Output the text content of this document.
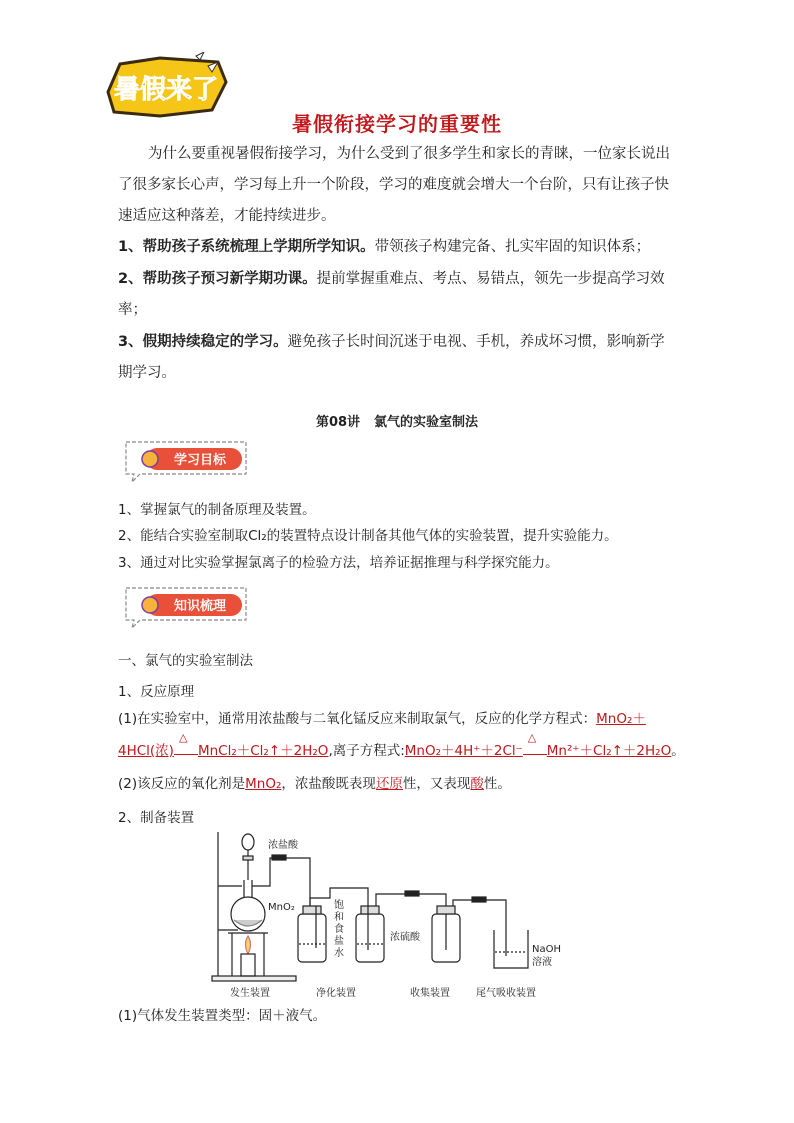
暑假来了
暑假衔接学习的重要性
为什么要重视暑假衔接学习，为什么受到了很多学生和家长的青睐，一位家长说出了很多家长心声，学习每上升一个阶段，学习的难度就会增大一个台阶，只有让孩子快速适应这种落差，才能持续进步。
1、帮助孩子系统梳理上学期所学知识。带领孩子构建完备、扎实牢固的知识体系；
2、帮助孩子预习新学期功课。提前掌握重难点、考点、易错点，领先一步提高学习效率；
3、假期持续稳定的学习。避免孩子长时间沉迷于电视、手机，养成坏习惯，影响新学期学习。
第08讲 氯气的实验室制法
学习目标
1、掌握氯气的制备原理及装置。
2、能结合实验室制取Cl₂的装置特点设计制备其他气体的实验装置，提升实验能力。
3、通过对比实验掌握氯离子的检验方法，培养证据推理与科学探究能力。
知识梳理
一、氯气的实验室制法
1、反应原理
(1)在实验室中，通常用浓盐酸与二氧化锰反应来制取氯气，反应的化学方程式：MnO₂＋
4HCl(浓)
△
MnCl₂＋Cl₂↑＋2H₂O,离子方程式:MnO₂＋4H⁺＋2Cl⁻
△
Mn²⁺＋Cl₂↑＋2H₂O。
(2)该反应的氧化剂是MnO₂，浓盐酸既表现还原性，又表现酸性。
2、制备装置
浓盐酸
MnO₂	饱
和
食
盐
水
浓硫酸
NaOH
溶液
发生装置	净化装置	收集装置	尾气吸收装置
(1)气体发生装置类型：固＋液气。
